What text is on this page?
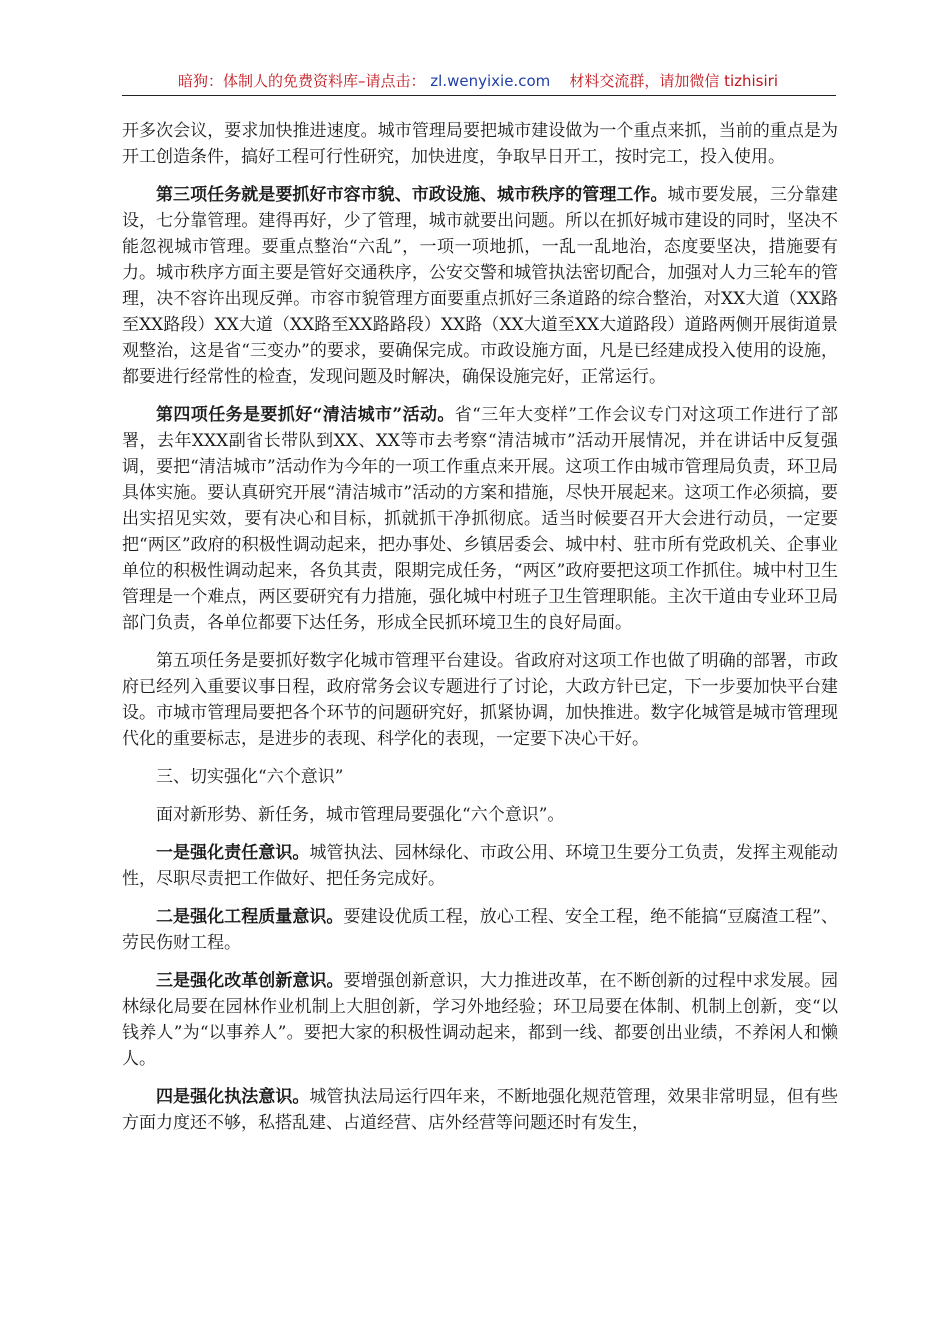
暗狗：体制人的免费资料库–请点击： zl.wenyixie.com 材料交流群，请加微信 tizhisiri

开多次会议，要求加快推进速度。城市管理局要把城市建设做为一个重点来抓，当前的重点是为开工创造条件，搞好工程可行性研究，加快进度，争取早日开工，按时完工，投入使用。

第三项任务就是要抓好市容市貌、市政设施、城市秩序的管理工作。城市要发展，三分靠建设，七分靠管理。建得再好，少了管理，城市就要出问题。所以在抓好城市建设的同时，坚决不能忽视城市管理。要重点整治“六乱”，一项一项地抓，一乱一乱地治，态度要坚决，措施要有力。城市秩序方面主要是管好交通秩序，公安交警和城管执法密切配合，加强对人力三轮车的管理，决不容许出现反弹。市容市貌管理方面要重点抓好三条道路的综合整治，对XX大道（XX路至XX路段）XX大道（XX路至XX路路段）XX路（XX大道至XX大道路段）道路两侧开展街道景观整治，这是省“三变办”的要求，要确保完成。市政设施方面，凡是已经建成投入使用的设施，都要进行经常性的检查，发现问题及时解决，确保设施完好，正常运行。

第四项任务是要抓好“清洁城市”活动。省“三年大变样”工作会议专门对这项工作进行了部署，去年XXX副省长带队到XX、XX等市去考察“清洁城市”活动开展情况，并在讲话中反复强调，要把“清洁城市”活动作为今年的一项工作重点来开展。这项工作由城市管理局负责，环卫局具体实施。要认真研究开展“清洁城市”活动的方案和措施，尽快开展起来。这项工作必须搞，要出实招见实效，要有决心和目标，抓就抓干净抓彻底。适当时候要召开大会进行动员，一定要把“两区”政府的积极性调动起来，把办事处、乡镇居委会、城中村、驻市所有党政机关、企事业单位的积极性调动起来，各负其责，限期完成任务，“两区”政府要把这项工作抓住。城中村卫生管理是一个难点，两区要研究有力措施，强化城中村班子卫生管理职能。主次干道由专业环卫局部门负责，各单位都要下达任务，形成全民抓环境卫生的良好局面。

第五项任务是要抓好数字化城市管理平台建设。省政府对这项工作也做了明确的部署，市政府已经列入重要议事日程，政府常务会议专题进行了讨论，大政方针已定，下一步要加快平台建设。市城市管理局要把各个环节的问题研究好，抓紧协调，加快推进。数字化城管是城市管理现代化的重要标志，是进步的表现、科学化的表现，一定要下决心干好。

三、切实强化“六个意识”

面对新形势、新任务，城市管理局要强化“六个意识”。

一是强化责任意识。城管执法、园林绿化、市政公用、环境卫生要分工负责，发挥主观能动性，尽职尽责把工作做好、把任务完成好。

二是强化工程质量意识。要建设优质工程，放心工程、安全工程，绝不能搞“豆腐渣工程”、劳民伤财工程。

三是强化改革创新意识。要增强创新意识，大力推进改革，在不断创新的过程中求发展。园林绿化局要在园林作业机制上大胆创新，学习外地经验；环卫局要在体制、机制上创新，变“以钱养人”为“以事养人”。要把大家的积极性调动起来，都到一线、都要创出业绩，不养闲人和懒人。

四是强化执法意识。城管执法局运行四年来，不断地强化规范管理，效果非常明显，但有些方面力度还不够，私搭乱建、占道经营、店外经营等问题还时有发生，
